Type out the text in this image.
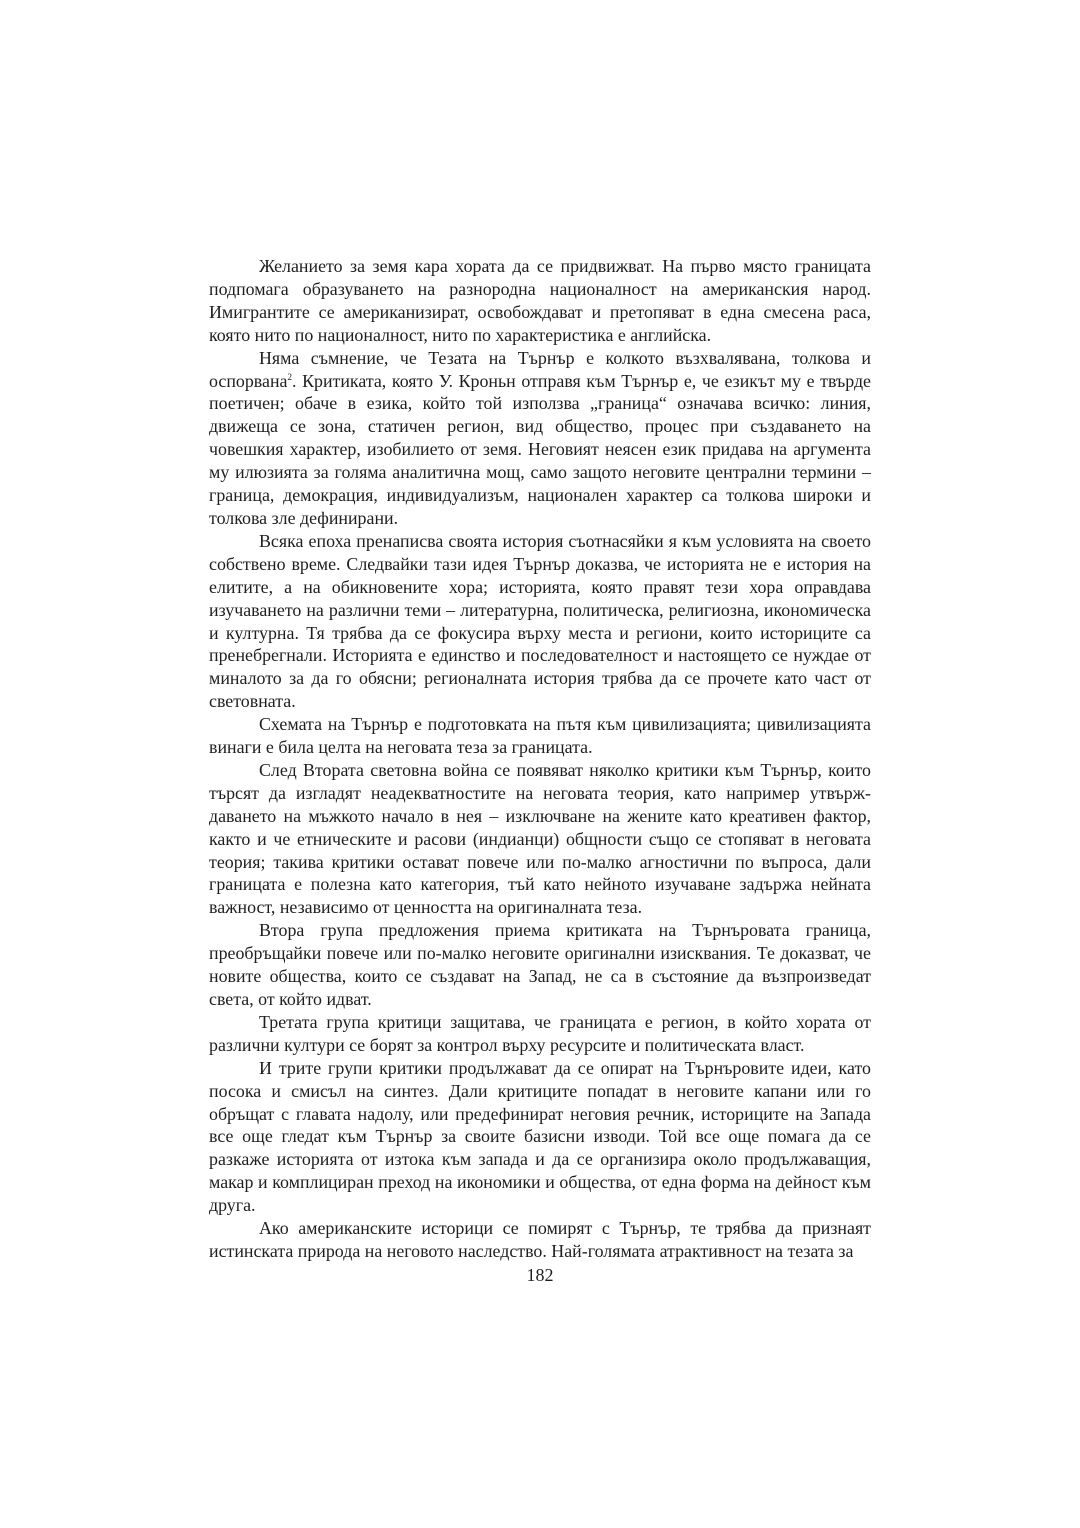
Желанието за земя кара хората да се придвижват. На първо място границата подпомага образуването на разнородна националност на американския народ. Имигрантите се американизират, освобождават и претопяват в една смесена раса, която нито по националност, нито по характеристика е английска.

Няма съмнение, че Тезата на Търнър е колкото възхвалявана, толкова и оспорвана$^2$. Критиката, която У. Кроньн отправя към Търнър е, че езикът му е твърде поетичен; обаче в езика, който той използва „граница“ означава всичко: линия, движеща се зона, статичен регион, вид общество, процес при създаването на човешкия характер, изобилието от земя. Неговият неясен език придава на аргумента му илюзията за голяма аналитична мощ, само защото неговите централни термини – граница, демокрация, индивидуализъм, национален характер са толкова широки и толкова зле дефинирани.

Всяка епоха пренаписва своята история съотнасяйки я към условията на своето собствено време. Следвайки тази идея Търнър доказва, че историята не е история на елитите, а на обикновените хора; историята, която правят тези хора оправдава изучаването на различни теми – литературна, политическа, религиозна, икономическа и културна. Тя трябва да се фокусира върху места и региони, които историците са пренебрегнали. Историята е единство и последователност и настоящето се нуждае от миналото за да го обясни; регионалната история трябва да се прочете като част от световната.

Схемата на Търнър е подготовката на пътя към цивилизацията; цивилизацията винаги е била целта на неговата теза за границата.

След Втората световна война се появяват няколко критики към Търнър, които търсят да изгладят неадекватностите на неговата теория, като например утвърждаването на мъжкото начало в нея – изключване на жените като креативен фактор, както и че етническите и расови (индианци) общности също се стопяват в неговата теория; такива критики остават повече или по-малко агностични по въпроса, дали границата е полезна като категория, тъй като нейното изучаване задържа нейната важност, независимо от ценността на оригиналната теза.

Втора група предложения приема критиката на Търнъровата граница, преобръщайки повече или по-малко неговите оригинални изисквания. Те доказват, че новите общества, които се създават на Запад, не са в състояние да възпроизведат света, от който идват.

Третата група критици защитава, че границата е регион, в който хората от различни култури се борят за контрол върху ресурсите и политическата власт.

И трите групи критики продължават да се опират на Търнъровите идеи, като посока и смисъл на синтез. Дали критиците попадат в неговите капани или го обръщат с главата надолу, или предефинират неговия речник, историците на Запада все още гледат към Търнър за своите базисни изводи. Той все още помага да се разкаже историята от изтока към запада и да се организира около продължаващия, макар и комплициран преход на икономики и общества, от една форма на дейност към друга.

Ако американските историци се помирят с Търнър, те трябва да признаят истинската природа на неговото наследство. Най-голямата атрактивност на тезата за

182
